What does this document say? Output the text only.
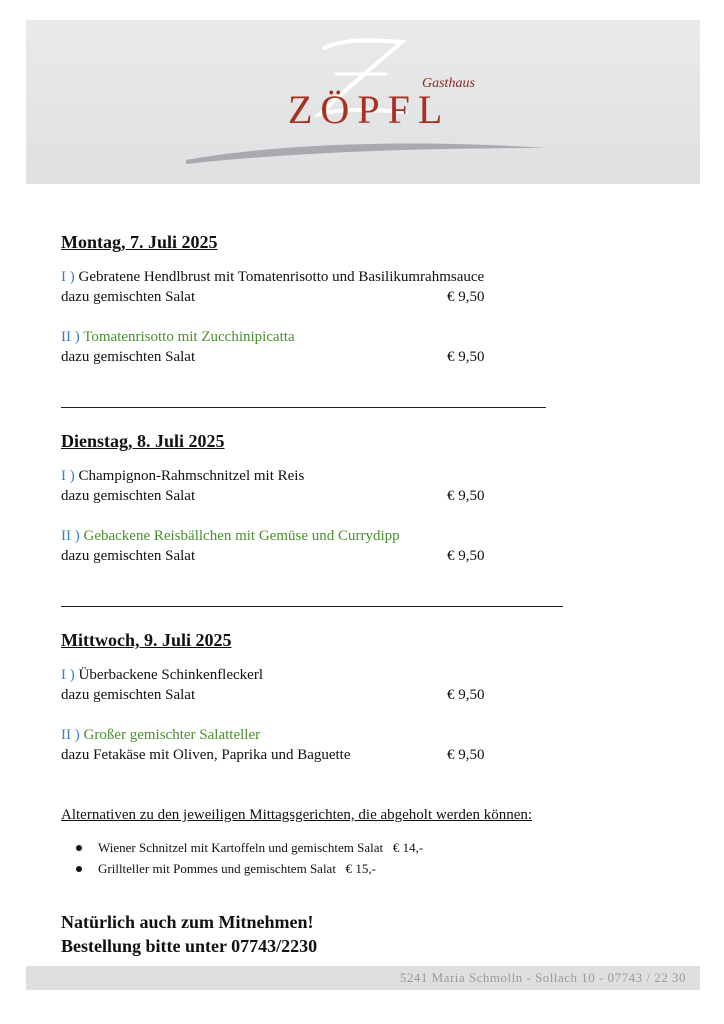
Gasthaus
ZÖPFL
Montag, 7. Juli 2025
I ) Gebratene Hendlbrust mit Tomatenrisotto und Basilikumrahmsauce
dazu gemischten Salat	€ 9,50
II ) Tomatenrisotto mit Zucchinipicatta
dazu gemischten Salat	€ 9,50
Dienstag, 8. Juli 2025
I ) Champignon-Rahmschnitzel mit Reis
dazu gemischten Salat	€ 9,50
II ) Gebackene Reisbällchen mit Gemüse und Currydipp
dazu gemischten Salat	€ 9,50
Mittwoch, 9. Juli 2025
I ) Überbackene Schinkenfleckerl
dazu gemischten Salat	€ 9,50
II ) Großer gemischter Salatteller
dazu Fetakäse mit Oliven, Paprika und Baguette	€ 9,50
Alternativen zu den jeweiligen Mittagsgerichten, die abgeholt werden können:
Wiener Schnitzel mit Kartoffeln und gemischtem Salat   € 14,-
Grillteller mit Pommes und gemischtem Salat   € 15,-
Natürlich auch zum Mitnehmen!
Bestellung bitte unter 07743/2230
5241 Maria Schmolln - Sollach 10 - 07743 / 22 30
